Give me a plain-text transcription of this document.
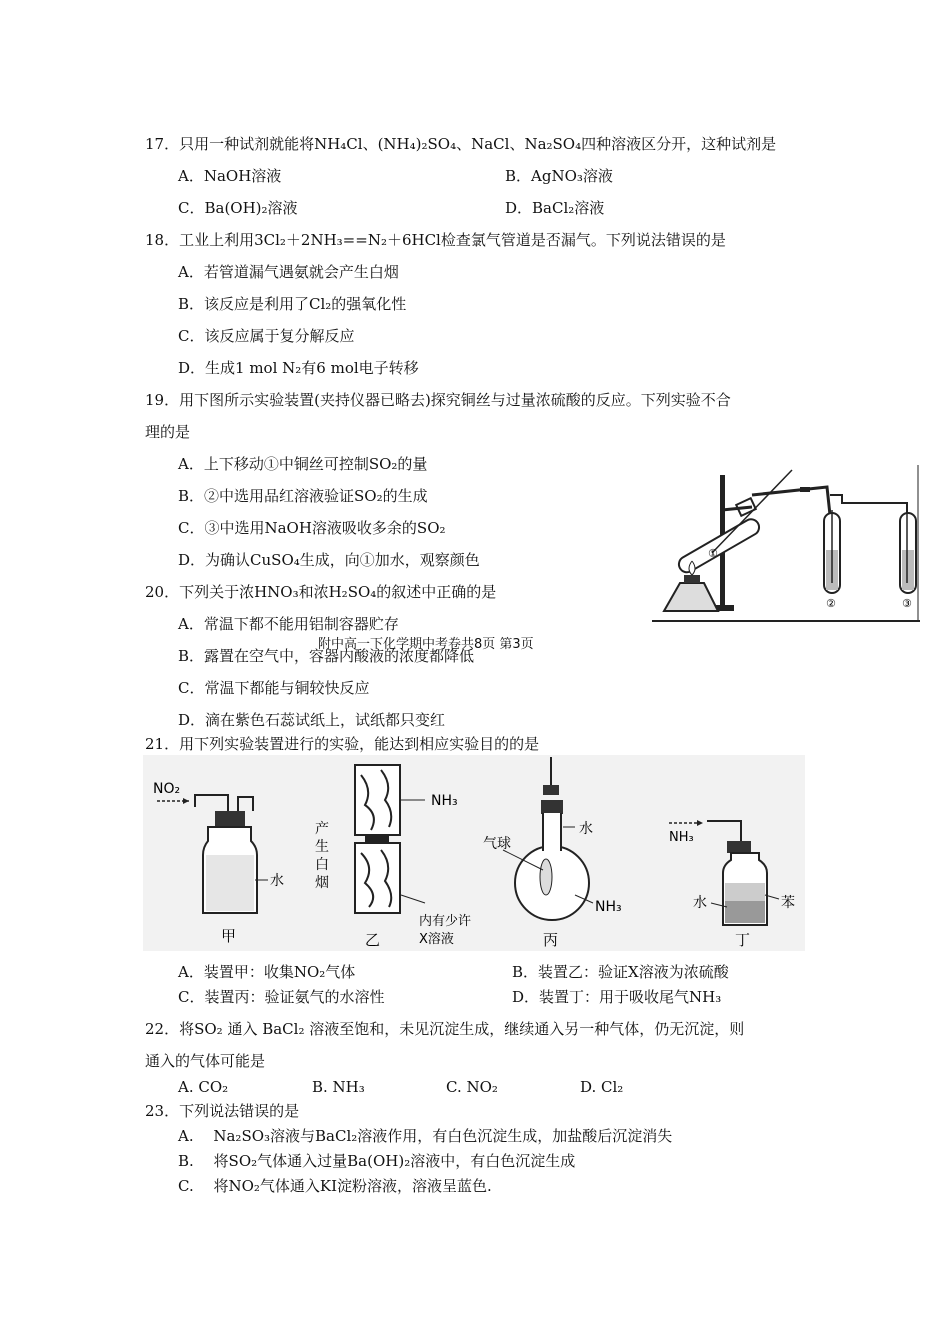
17．只用一种试剂就能将NH₄Cl、(NH₄)₂SO₄、NaCl、Na₂SO₄四种溶液区分开，这种试剂是
A．NaOH溶液	B．AgNO₃溶液
C．Ba(OH)₂溶液	D．BaCl₂溶液
18．工业上利用3Cl₂＋2NH₃==N₂＋6HCl检查氯气管道是否漏气。下列说法错误的是
A．若管道漏气遇氨就会产生白烟
B．该反应是利用了Cl₂的强氧化性
C．该反应属于复分解反应
D．生成1 mol N₂有6 mol电子转移
19．用下图所示实验装置(夹持仪器已略去)探究铜丝与过量浓硫酸的反应。下列实验不合
理的是
A．上下移动①中铜丝可控制SO₂的量
B．②中选用品红溶液验证SO₂的生成
C．③中选用NaOH溶液吸收多余的SO₂
D．为确认CuSO₄生成，向①加水，观察颜色	①
②	③
20．下列关于浓HNO₃和浓H₂SO₄的叙述中正确的是
A．常温下都不能用铝制容器贮存
附中高一下化学期中考卷共8页 第3页
B．露置在空气中，容器内酸液的浓度都降低
C．常温下都能与铜较快反应
D．滴在紫色石蕊试纸上，试纸都只变红
21．用下列实验装置进行的实验，能达到相应实验目的的是
NO₂
水
甲
NH₃
产
生
白
烟
内有少许
X溶液
乙
水
气球
NH₃
丙
NH₃
水	苯
丁
A．装置甲：收集NO₂气体	B．装置乙：验证X溶液为浓硫酸
C．装置丙：验证氨气的水溶性	D．装置丁：用于吸收尾气NH₃
22．将SO₂ 通入 BaCl₂ 溶液至饱和，未见沉淀生成，继续通入另一种气体，仍无沉淀，则
通入的气体可能是
A. CO₂	B. NH₃	C. NO₂	D. Cl₂
23．下列说法错误的是
A.　 Na₂SO₃溶液与BaCl₂溶液作用，有白色沉淀生成，加盐酸后沉淀消失
B.　 将SO₂气体通入过量Ba(OH)₂溶液中，有白色沉淀生成
C.　 将NO₂气体通入KI淀粉溶液，溶液呈蓝色.
